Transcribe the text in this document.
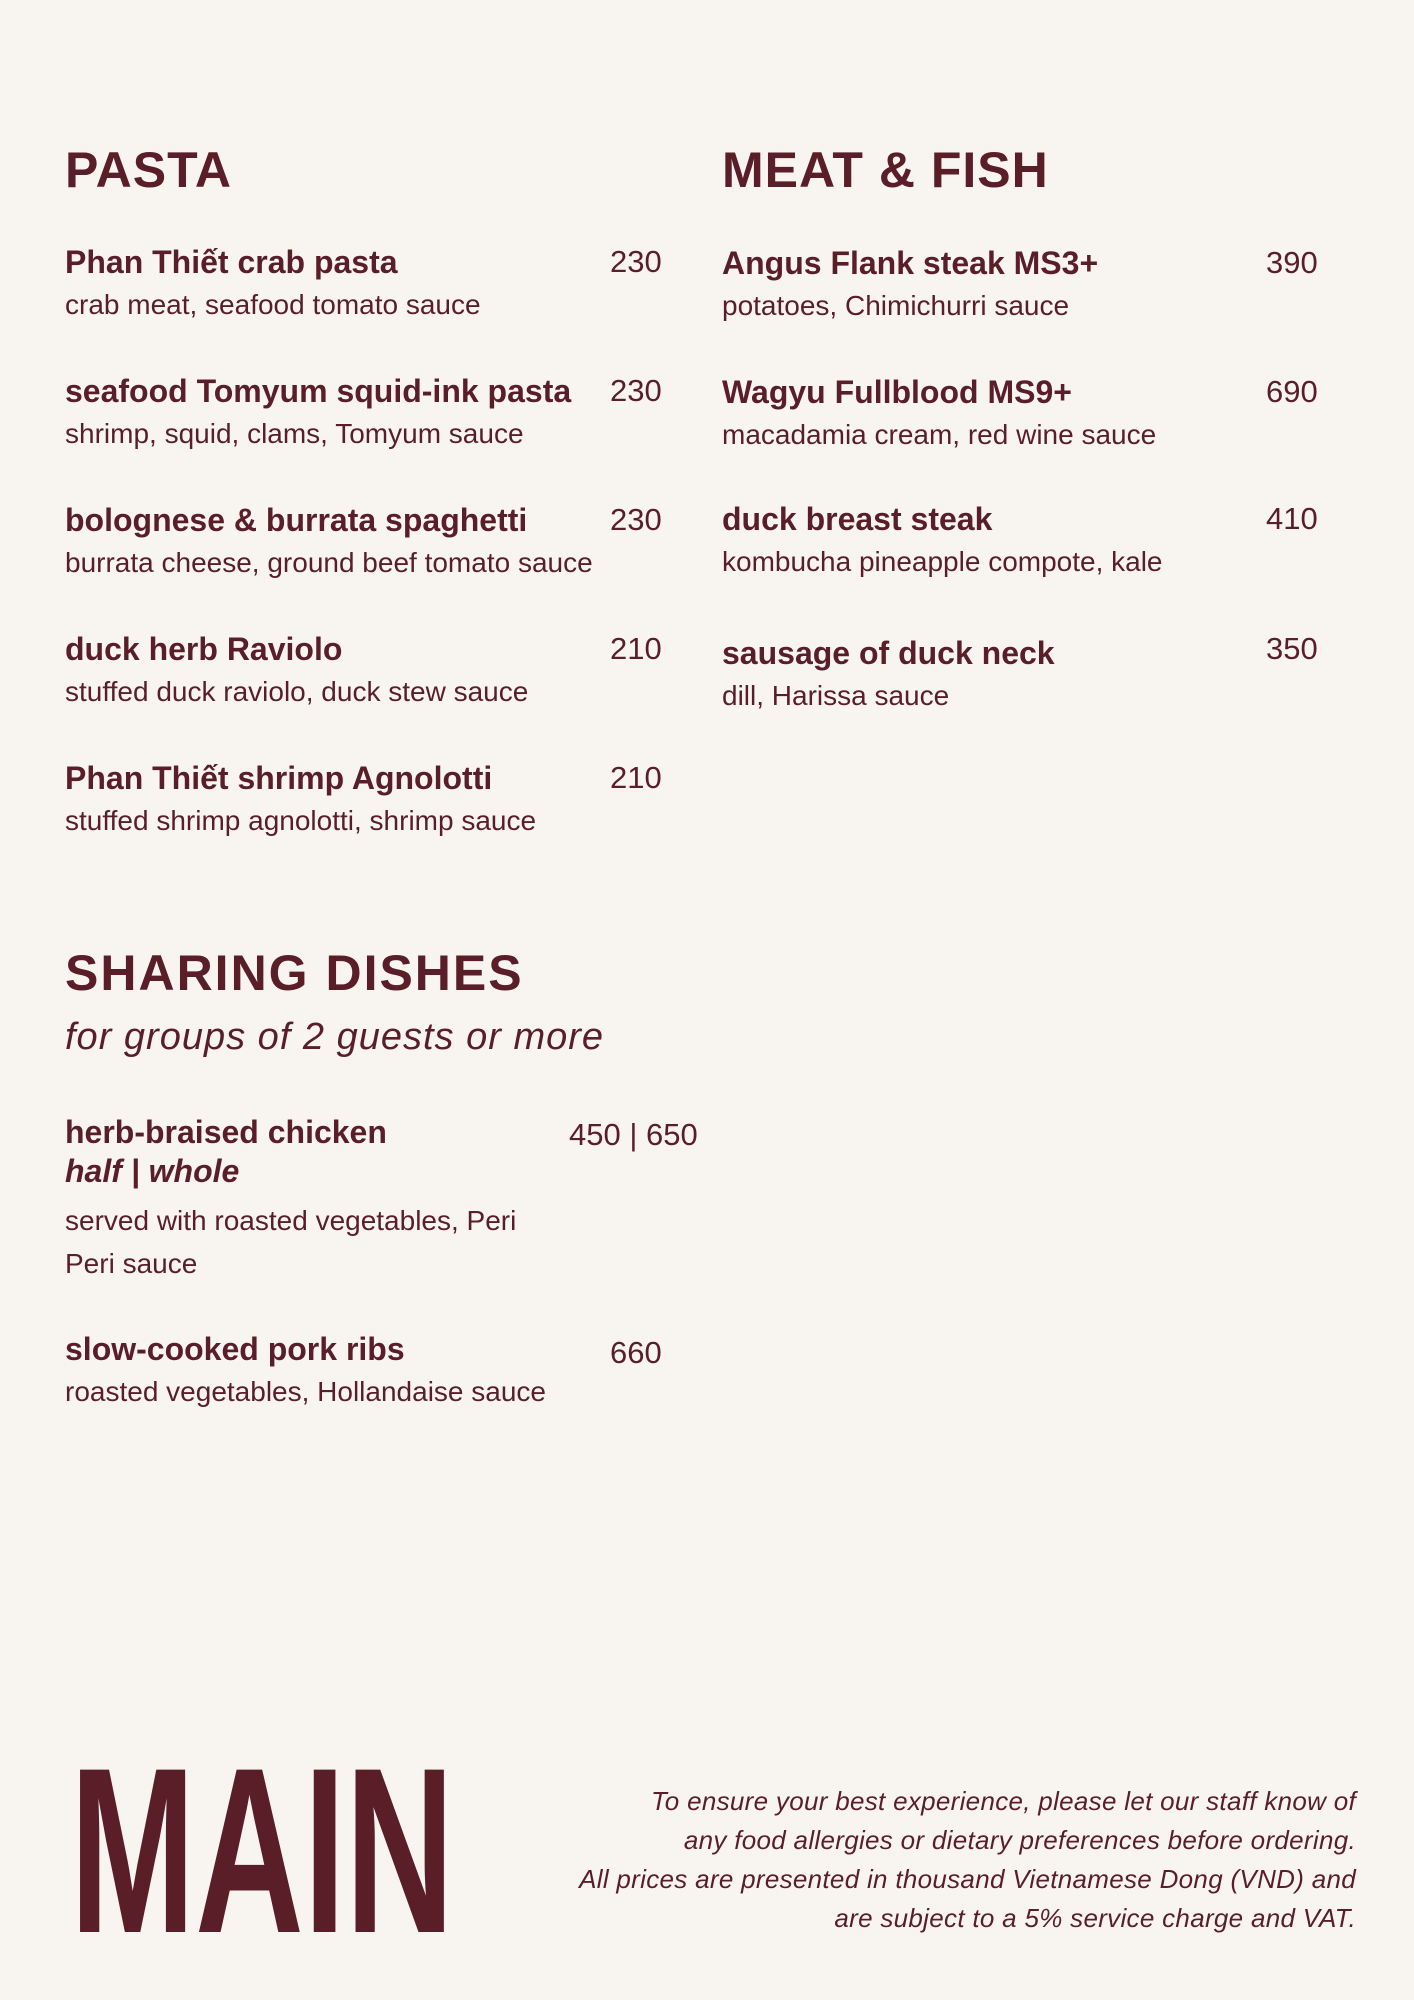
PASTA
Phan Thiết crab pasta
crab meat, seafood tomato sauce
230
seafood Tomyum squid-ink pasta
shrimp, squid, clams, Tomyum sauce
230
bolognese & burrata spaghetti
burrata cheese, ground beef tomato sauce
230
duck herb Raviolo
stuffed duck raviolo, duck stew sauce
210
Phan Thiết shrimp Agnolotti
stuffed shrimp agnolotti, shrimp sauce
210
MEAT & FISH
Angus Flank steak MS3+
potatoes, Chimichurri sauce
390
Wagyu Fullblood MS9+
macadamia cream, red wine sauce
690
duck breast steak
kombucha pineapple compote, kale
410
sausage of duck neck
dill, Harissa sauce
350
SHARING DISHES
for groups of 2 guests or more
herb-braised chicken
half | whole
served with roasted vegetables, Peri Peri sauce
450 | 650
slow-cooked pork ribs
roasted vegetables, Hollandaise sauce
660
MAIN	To ensure your best experience, please let our staff know of
any food allergies or dietary preferences before ordering.
All prices are presented in thousand Vietnamese Dong (VND) and
are subject to a 5% service charge and VAT.
